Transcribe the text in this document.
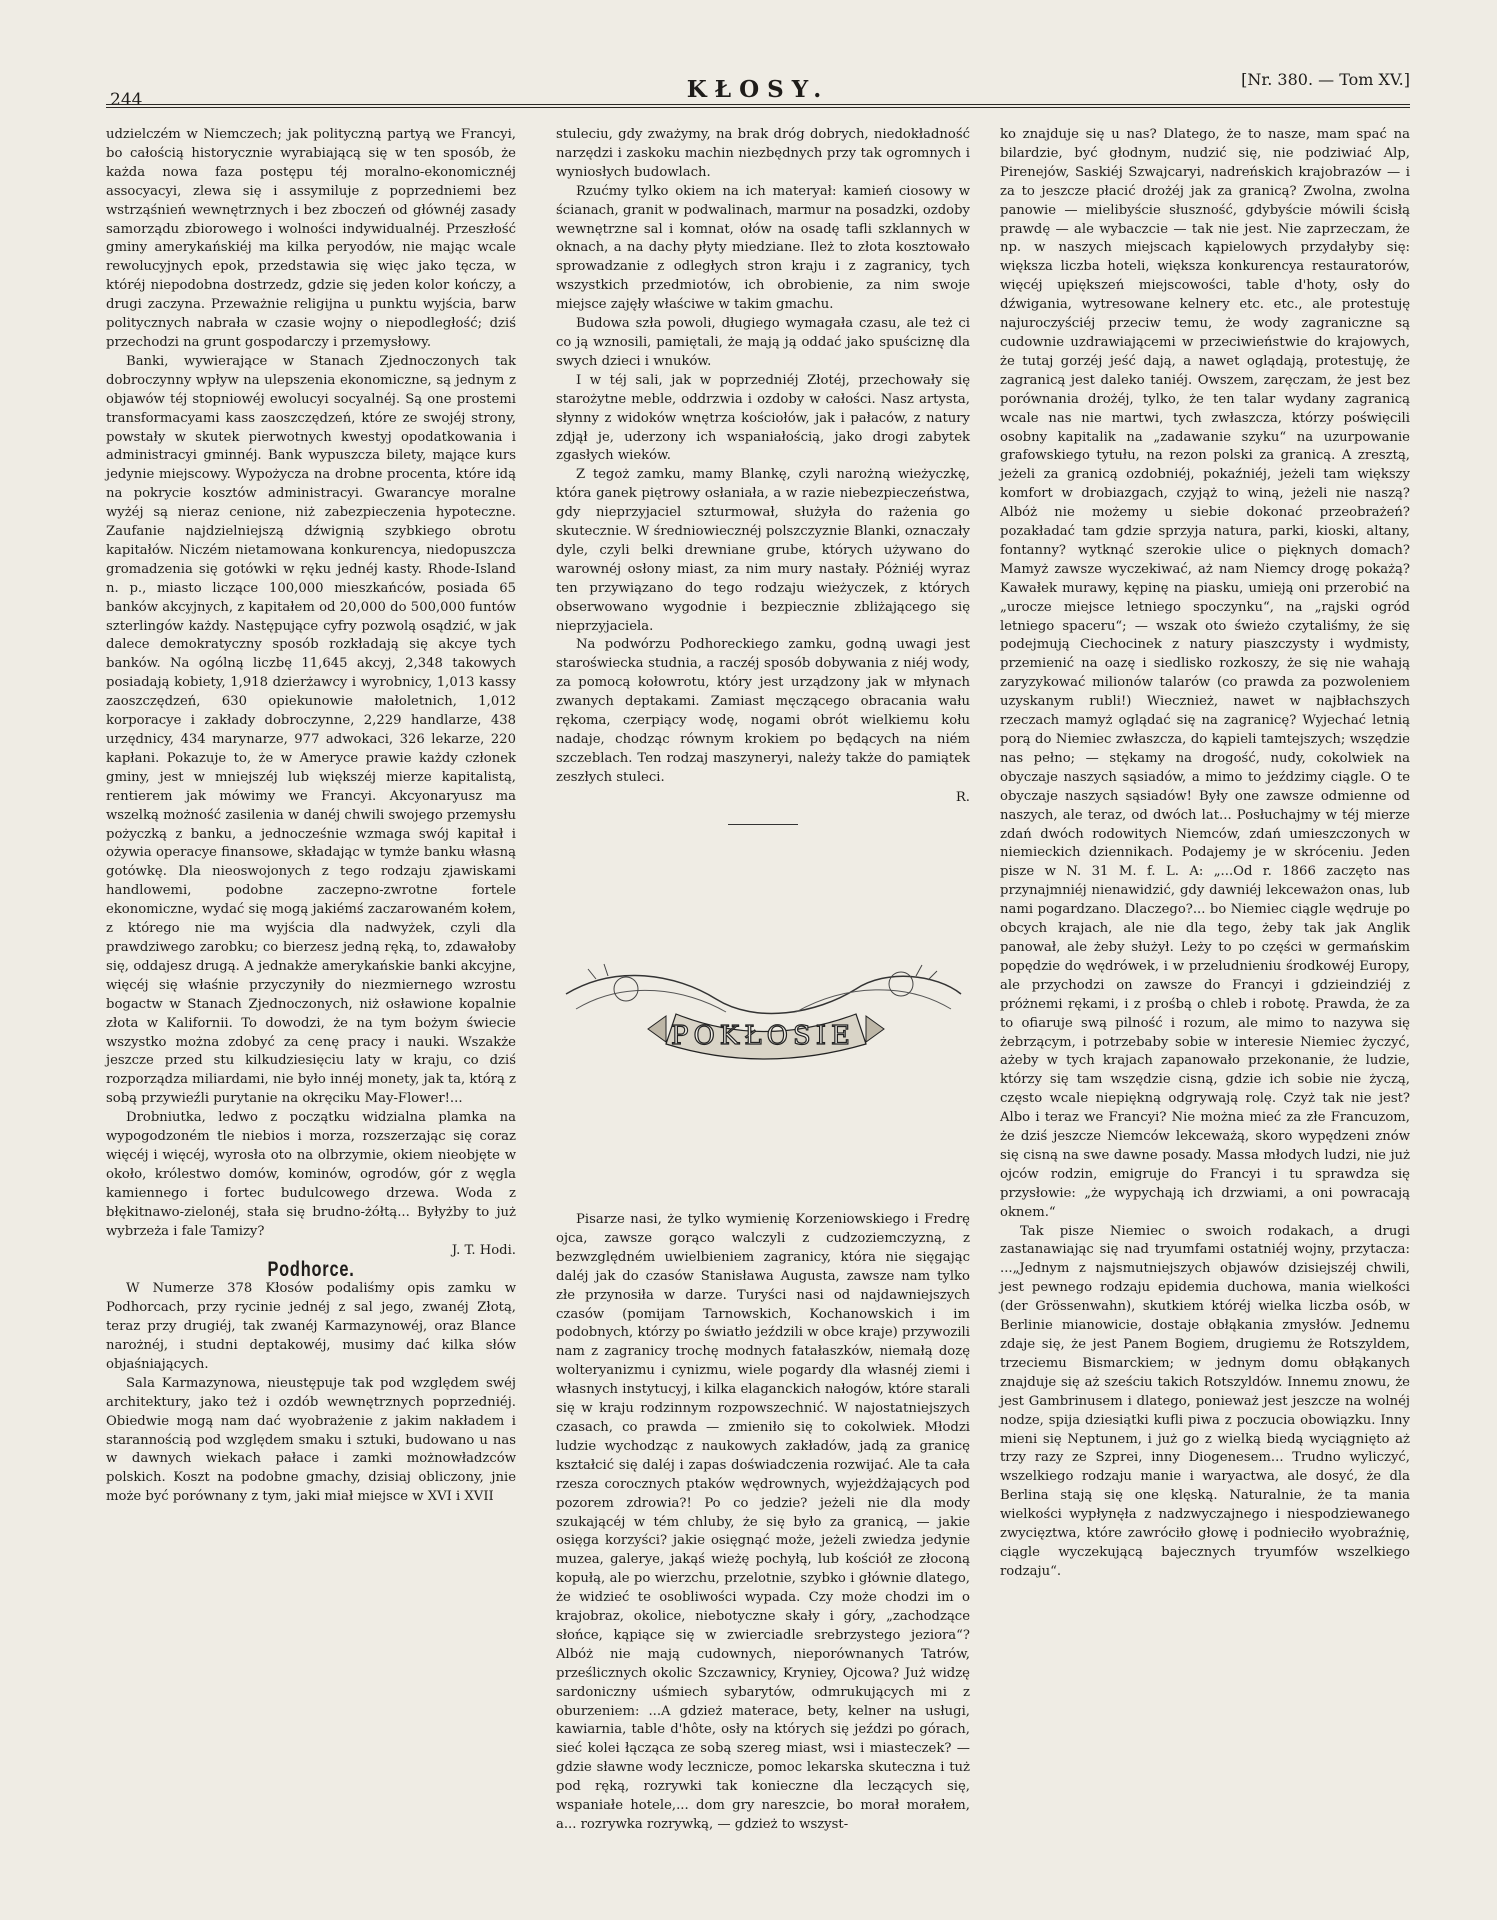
244	KŁOSY.	[Nr. 380. — Tom XV.]

udzielczém w Niemczech; jak polityczną partyą we Francyi, bo całością historycznie wyrabiającą się w ten sposób, że każda nowa faza postępu téj moralno-ekonomicznéj assocyacyi, zlewa się i assymiluje z poprzedniemi bez wstrząśnień wewnętrznych i bez zboczeń od głównéj zasady samorządu zbiorowego i wolności indywidualnéj. Przeszłość gminy amerykańskiéj ma kilka peryodów, nie mając wcale rewolucyjnych epok, przedstawia się więc jako tęcza, w któréj niepodobna dostrzedz, gdzie się jeden kolor kończy, a drugi zaczyna. Przeważnie religijna u punktu wyjścia, barw politycznych nabrała w czasie wojny o niepodległość; dziś przechodzi na grunt gospodarczy i przemysłowy.

Banki, wywierające w Stanach Zjednoczonych tak dobroczynny wpływ na ulepszenia ekonomiczne, są jednym z objawów téj stopniowéj ewolucyi socyalnéj. Są one prostemi transformacyami kass zaoszczędzeń, które ze swojéj strony, powstały w skutek pierwotnych kwestyj opodatkowania i administracyi gminnéj. Bank wypuszcza bilety, mające kurs jedynie miejscowy. Wypożycza na drobne procenta, które idą na pokrycie kosztów administracyi. Gwarancye moralne wyżéj są nieraz cenione, niż zabezpieczenia hypoteczne. Zaufanie najdzielniejszą dźwignią szybkiego obrotu kapitałów. Niczém nietamowana konkurencya, niedopuszcza gromadzenia się gotówki w ręku jednéj kasty. Rhode-Island n. p., miasto liczące 100,000 mieszkańców, posiada 65 banków akcyjnych, z kapitałem od 20,000 do 500,000 funtów szterlingów każdy. Następujące cyfry pozwolą osądzić, w jak dalece demokratyczny sposób rozkładają się akcye tych banków. Na ogólną liczbę 11,645 akcyj, 2,348 takowych posiadają kobiety, 1,918 dzierżawcy i wyrobnicy, 1,013 kassy zaoszczędzeń, 630 opiekunowie małoletnich, 1,012 korporacye i zakłady dobroczynne, 2,229 handlarze, 438 urzędnicy, 434 marynarze, 977 adwokaci, 326 lekarze, 220 kapłani. Pokazuje to, że w Ameryce prawie każdy członek gminy, jest w mniejszéj lub większéj mierze kapitalistą, rentierem jak mówimy we Francyi. Akcyonaryusz ma wszelką możność zasilenia w danéj chwili swojego przemysłu pożyczką z banku, a jednocześnie wzmaga swój kapitał i ożywia operacye finansowe, składając w tymże banku własną gotówkę. Dla nieoswojonych z tego rodzaju zjawiskami handlowemi, podobne zaczepno-zwrotne fortele ekonomiczne, wydać się mogą jakiémś zaczarowaném kołem, z którego nie ma wyjścia dla nadwyżek, czyli dla prawdziwego zarobku; co bierzesz jedną ręką, to, zdawałoby się, oddajesz drugą. A jednakże amerykańskie banki akcyjne, więcéj się właśnie przyczyniły do niezmiernego wzrostu bogactw w Stanach Zjednoczonych, niż osławione kopalnie złota w Kalifornii. To dowodzi, że na tym bożym świecie wszystko można zdobyć za cenę pracy i nauki. Wszakże jeszcze przed stu kilkudziesięciu laty w kraju, co dziś rozporządza miliardami, nie było innéj monety, jak ta, którą z sobą przywieźli purytanie na okręciku May-Flower!...

Drobniutka, ledwo z początku widzialna plamka na wypogodzoném tle niebios i morza, rozszerzając się coraz więcéj i więcéj, wyrosła oto na olbrzymie, okiem nieobjęte w około, królestwo domów, kominów, ogrodów, gór z węgla kamiennego i fortec budulcowego drzewa. Woda z błękitnawo-zielonéj, stała się brudno-żółtą... Byłyżby to już wybrzeża i fale Tamizy?

J. T. Hodi.

Podhorce.

W Numerze 378 Kłosów podaliśmy opis zamku w Podhorcach, przy rycinie jednéj z sal jego, zwanéj Złotą, teraz przy drugiéj, tak zwanéj Karmazynowéj, oraz Blance narożnéj, i studni deptakowéj, musimy dać kilka słów objaśniających.

Sala Karmazynowa, nieustępuje tak pod względem swéj architektury, jako też i ozdób wewnętrznych poprzedniéj. Obiedwie mogą nam dać wyobrażenie z jakim nakładem i starannością pod względem smaku i sztuki, budowano u nas w dawnych wiekach pałace i zamki możnowładzców polskich. Koszt na podobne gmachy, dzisiaj obliczony, jnie może być porównany z tym, jaki miał miejsce w XVI i XVII

stuleciu, gdy zważymy, na brak dróg dobrych, niedokładność narzędzi i zaskoku machin niezbędnych przy tak ogromnych i wyniosłych budowlach.

Rzućmy tylko okiem na ich materyał: kamień ciosowy w ścianach, granit w podwalinach, marmur na posadzki, ozdoby wewnętrzne sal i komnat, ołów na osadę tafli szklannych w oknach, a na dachy płyty miedziane. Ileż to złota kosztowało sprowadzanie z odległych stron kraju i z zagranicy, tych wszystkich przedmiotów, ich obrobienie, za nim swoje miejsce zajęły właściwe w takim gmachu.

Budowa szła powoli, długiego wymagała czasu, ale też ci co ją wznosili, pamiętali, że mają ją oddać jako spuściznę dla swych dzieci i wnuków.

I w téj sali, jak w poprzedniéj Złotéj, przechowały się starożytne meble, oddrzwia i ozdoby w całości. Nasz artysta, słynny z widoków wnętrza kościołów, jak i pałaców, z natury zdjął je, uderzony ich wspaniałością, jako drogi zabytek zgasłych wieków.

Z tegoż zamku, mamy Blankę, czyli narożną wieżyczkę, która ganek piętrowy osłaniała, a w razie niebezpieczeństwa, gdy nieprzyjaciel szturmował, służyła do rażenia go skutecznie. W średniowiecznéj polszczyznie Blanki, oznaczały dyle, czyli belki drewniane grube, których używano do warownéj osłony miast, za nim mury nastały. Póżniéj wyraz ten przywiązano do tego rodzaju wieżyczek, z których obserwowano wygodnie i bezpiecznie zbliżającego się nieprzyjaciela.

Na podwórzu Podhoreckiego zamku, godną uwagi jest staroświecka studnia, a raczéj sposób dobywania z niéj wody, za pomocą kołowrotu, który jest urządzony jak w młynach zwanych deptakami. Zamiast męczącego obracania wału rękoma, czerpiący wodę, nogami obrót wielkiemu kołu nadaje, chodząc równym krokiem po będących na niém szczeblach. Ten rodzaj maszyneryi, należy także do pamiątek zeszłych stuleci.

R.

Pisarze nasi, że tylko wymienię Korzeniowskiego i Fredrę ojca, zawsze gorąco walczyli z cudzoziemczyzną, z bezwzględném uwielbieniem zagranicy, która nie sięgając daléj jak do czasów Stanisława Augusta, zawsze nam tylko złe przynosiła w darze. Turyści nasi od najdawniejszych czasów (pomijam Tarnowskich, Kochanowskich i im podobnych, którzy po światło jeździli w obce kraje) przywozili nam z zagranicy trochę modnych fatałaszków, niemałą dozę wolteryanizmu i cynizmu, wiele pogardy dla własnéj ziemi i własnych instytucyj, i kilka elaganckich nałogów, które starali się w kraju rodzinnym rozpowszechnić. W najostatniejszych czasach, co prawda — zmieniło się to cokolwiek. Młodzi ludzie wychodząc z naukowych zakładów, jadą za granicę kształcić się daléj i zapas doświadczenia rozwijać. Ale ta cała rzesza corocznych ptaków wędrownych, wyjeżdżających pod pozorem zdrowia?! Po co jedzie? jeżeli nie dla mody szukającéj w tém chluby, że się było za granicą, — jakie osięga korzyści? jakie osięgnąć może, jeżeli zwiedza jedynie muzea, galerye, jakąś wieżę pochyłą, lub kościół ze złoconą kopułą, ale po wierzchu, przelotnie, szybko i głównie dlatego, że widzieć te osobliwości wypada. Czy może chodzi im o krajobraz, okolice, niebotyczne skały i góry, „zachodzące słońce, kąpiące się w zwierciadle srebrzystego jeziora“? Albóż nie mają cudownych, nieporównanych Tatrów, prześlicznych okolic Szczawnicy, Kryniey, Ojcowa? Już widzę sardoniczny uśmiech sybarytów, odmrukujących mi z oburzeniem: ...A gdzież materace, bety, kelner na usługi, kawiarnia, table d'hôte, osły na których się jeździ po górach, sieć kolei łącząca ze sobą szereg miast, wsi i miasteczek? — gdzie sławne wody lecznicze, pomoc lekarska skuteczna i tuż pod ręką, rozrywki tak konieczne dla leczących się, wspaniałe hotele,... dom gry nareszcie, bo morał morałem, a... rozrywka rozrywką, — gdzież to wszyst-

POKŁOSIE

ko znajduje się u nas? Dlatego, że to nasze, mam spać na bilardzie, być głodnym, nudzić się, nie podziwiać Alp, Pirenejów, Saskiéj Szwajcaryi, nadreńskich krajobrazów — i za to jeszcze płacić drożéj jak za granicą? Zwolna, zwolna panowie — mielibyście słuszność, gdybyście mówili ścisłą prawdę — ale wybaczcie — tak nie jest. Nie zaprzeczam, że np. w naszych miejscach kąpielowych przydałyby się: większa liczba hoteli, większa konkurencya restauratorów, więcéj upiększeń miejscowości, table d'hoty, osły do dźwigania, wytresowane kelnery etc. etc., ale protestuję najuroczyściéj przeciw temu, że wody zagraniczne są cudownie uzdrawiającemi w przeciwieństwie do krajowych, że tutaj gorzéj jeść dają, a nawet oglądają, protestuję, że zagranicą jest daleko taniéj. Owszem, zaręczam, że jest bez porównania drożéj, tylko, że ten talar wydany zagranicą wcale nas nie martwi, tych zwłaszcza, którzy poświęcili osobny kapitalik na „zadawanie szyku“ na uzurpowanie grafowskiego tytułu, na rezon polski za granicą. A zresztą, jeżeli za granicą ozdobniéj, pokaźniéj, jeżeli tam większy komfort w drobiazgach, czyjąż to winą, jeżeli nie naszą? Albóż nie możemy u siebie dokonać przeobrażeń? pozakładać tam gdzie sprzyja natura, parki, kioski, altany, fontanny? wytknąć szerokie ulice o pięknych domach? Mamyż zawsze wyczekiwać, aż nam Niemcy drogę pokażą? Kawałek murawy, kępinę na piasku, umieją oni przerobić na „urocze miejsce letniego spoczynku“, na „rajski ogród letniego spaceru“; — wszak oto świeżo czytaliśmy, że się podejmują Ciechocinek z natury piaszczysty i wydmisty, przemienić na oazę i siedlisko rozkoszy, że się nie wahają zaryzykować milionów talarów (co prawda za pozwoleniem uzyskanym rubli!) Wiecznież, nawet w najbłachszych rzeczach mamyż oglądać się na zagranicę? Wyjechać letnią porą do Niemiec zwłaszcza, do kąpieli tamtejszych; wszędzie nas pełno; — stękamy na drogość, nudy, cokolwiek na obyczaje naszych sąsiadów, a mimo to jeździmy ciągle. O te obyczaje naszych sąsiadów! Były one zawsze odmienne od naszych, ale teraz, od dwóch lat... Posłuchajmy w téj mierze zdań dwóch rodowitych Niemców, zdań umieszczonych w niemieckich dziennikach. Podajemy je w skróceniu. Jeden pisze w N. 31 M. f. L. A: „...Od r. 1866 zaczęto nas przynajmniéj nienawidzić, gdy dawniéj lekceważon onas, lub nami pogardzano. Dlaczego?... bo Niemiec ciągle wędruje po obcych krajach, ale nie dla tego, żeby tak jak Anglik panował, ale żeby służył. Leży to po części w germańskim popędzie do wędrówek, i w przeludnieniu środkowéj Europy, ale przychodzi on zawsze do Francyi i gdzieindziéj z próżnemi rękami, i z prośbą o chleb i robotę. Prawda, że za to ofiaruje swą pilność i rozum, ale mimo to nazywa się żebrzącym, i potrzebaby sobie w interesie Niemiec życzyć, ażeby w tych krajach zapanowało przekonanie, że ludzie, którzy się tam wszędzie cisną, gdzie ich sobie nie życzą, często wcale niepiękną odgrywają rolę. Czyż tak nie jest? Albo i teraz we Francyi? Nie można mieć za złe Francuzom, że dziś jeszcze Niemców lekceważą, skoro wypędzeni znów się cisną na swe dawne posady. Massa młodych ludzi, nie już ojców rodzin, emigruje do Francyi i tu sprawdza się przysłowie: „że wypychają ich drzwiami, a oni powracają oknem.“

Tak pisze Niemiec o swoich rodakach, a drugi zastanawiając się nad tryumfami ostatniéj wojny, przytacza: ...„Jednym z najsmutniejszych objawów dzisiejszéj chwili, jest pewnego rodzaju epidemia duchowa, mania wielkości (der Grössenwahn), skutkiem któréj wielka liczba osób, w Berlinie mianowicie, dostaje obłąkania zmysłów. Jednemu zdaje się, że jest Panem Bogiem, drugiemu że Rotszyldem, trzeciemu Bismarckiem; w jednym domu obłąkanych znajduje się aż sześciu takich Rotszyldów. Innemu znowu, że jest Gambrinusem i dlatego, ponieważ jest jeszcze na wolnéj nodze, spija dziesiątki kufli piwa z poczucia obowiązku. Inny mieni się Neptunem, i już go z wielką biedą wyciągnięto aż trzy razy ze Szprei, inny Diogenesem... Trudno wyliczyć, wszelkiego rodzaju manie i waryactwa, ale dosyć, że dla Berlina stają się one klęską. Naturalnie, że ta mania wielkości wypłynęła z nadzwyczajnego i niespodziewanego zwycięztwa, które zawróciło głowę i podnieciło wyobraźnię, ciągle wyczekującą bajecznych tryumfów wszelkiego rodzaju“.
